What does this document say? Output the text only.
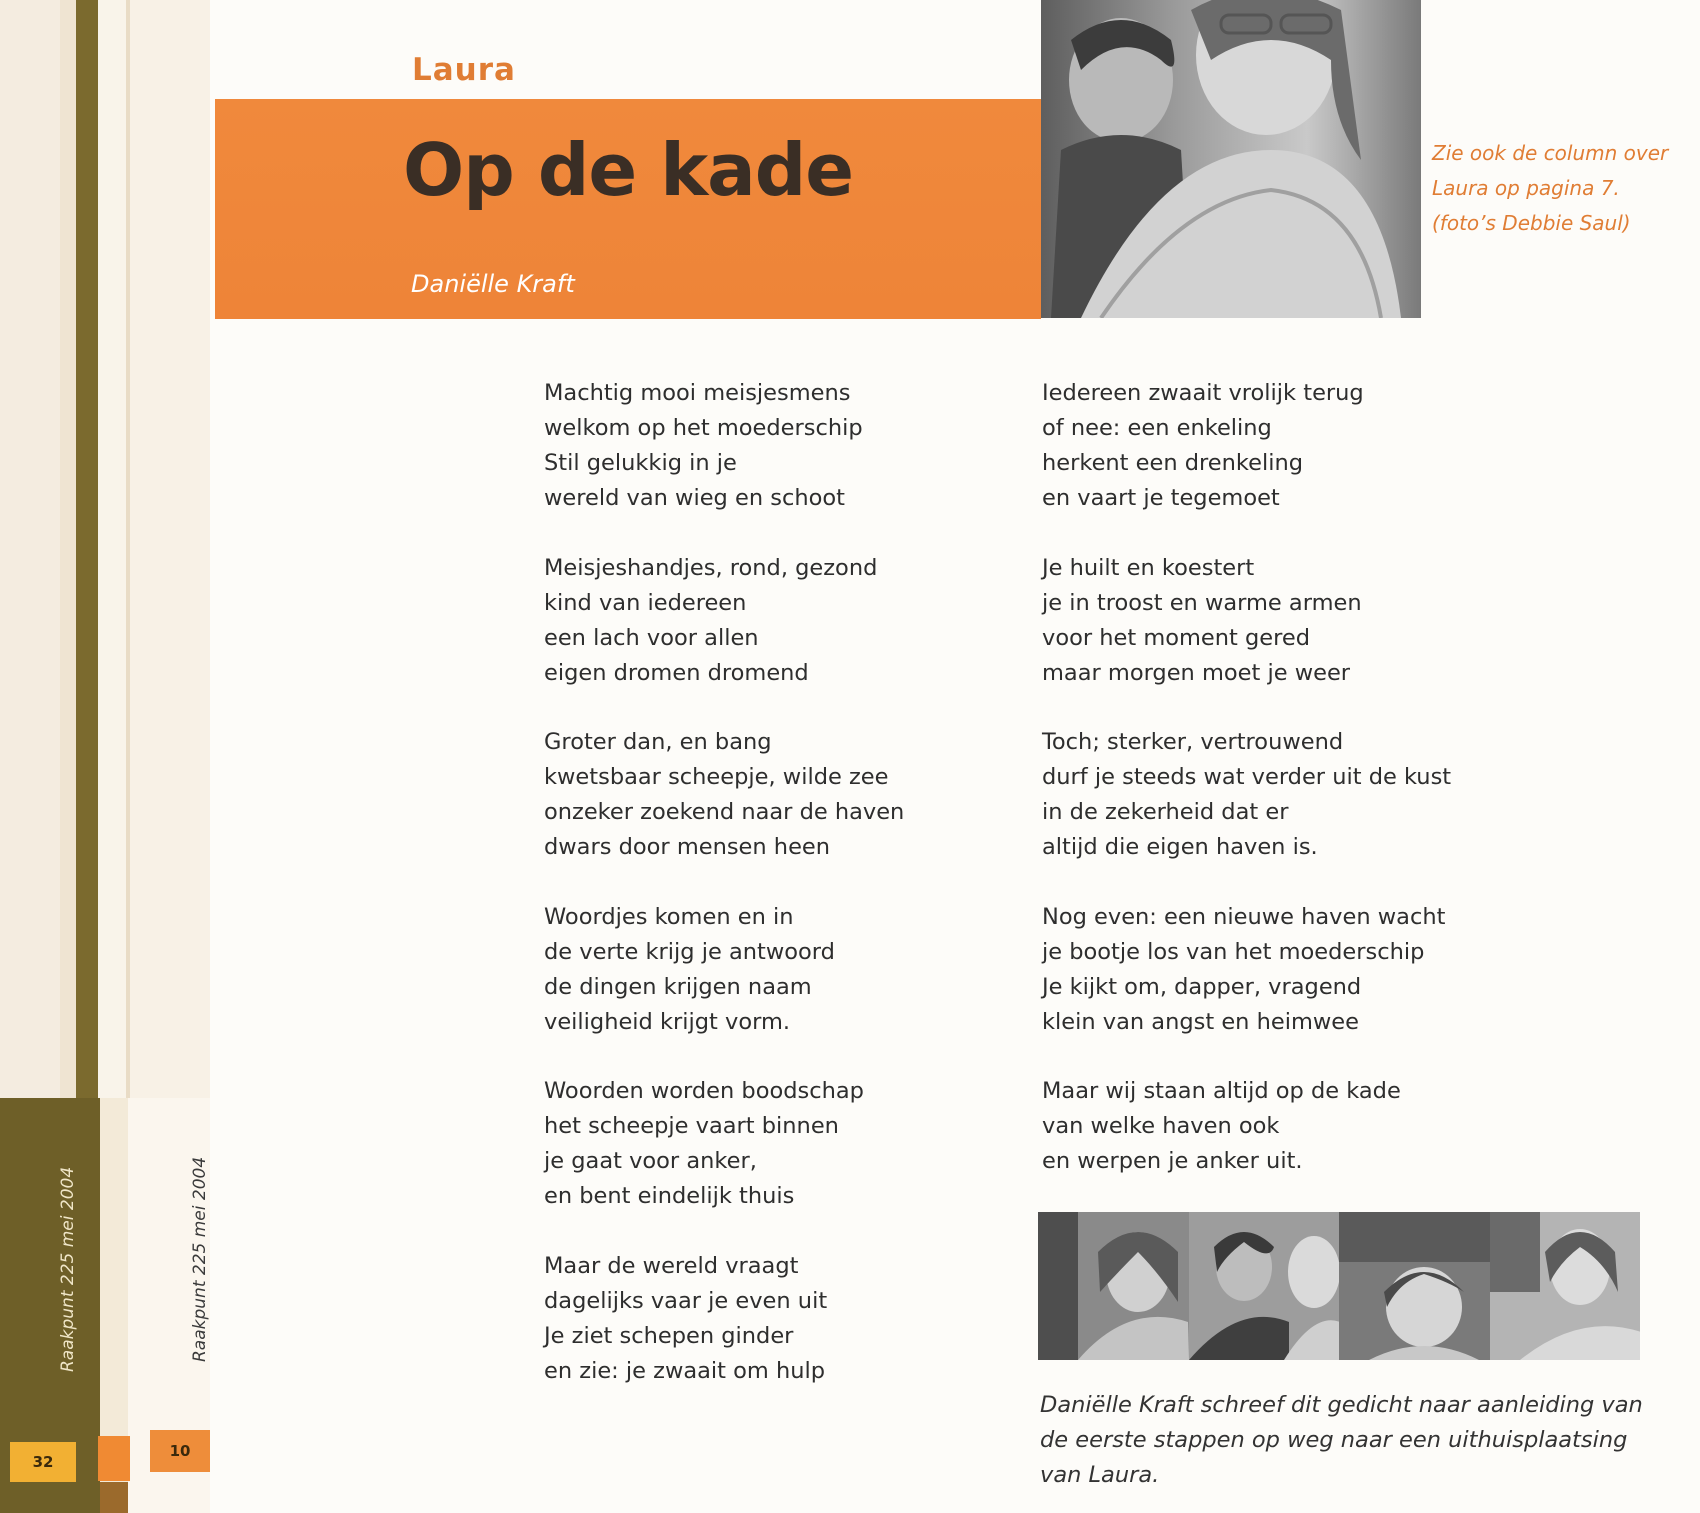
Raakpunt 225 mei 2004	Raakpunt 225 mei 2004
32
10
Laura
Op de kade
Daniëlle Kraft
Zie ook de column over
Laura op pagina 7.
(foto’s Debbie Saul)
Machtig mooi meisjesmens
welkom op het moederschip
Stil gelukkig in je
wereld van wieg en schoot
Meisjeshandjes, rond, gezond
kind van iedereen
een lach voor allen
eigen dromen dromend
Groter dan, en bang
kwetsbaar scheepje, wilde zee
onzeker zoekend naar de haven
dwars door mensen heen
Woordjes komen en in
de verte krijg je antwoord
de dingen krijgen naam
veiligheid krijgt vorm.
Woorden worden boodschap
het scheepje vaart binnen
je gaat voor anker,
en bent eindelijk thuis
Maar de wereld vraagt
dagelijks vaar je even uit
Je ziet schepen ginder
en zie: je zwaait om hulp
Iedereen zwaait vrolijk terug
of nee: een enkeling
herkent een drenkeling
en vaart je tegemoet
Je huilt en koestert
je in troost en warme armen
voor het moment gered
maar morgen moet je weer
Toch; sterker, vertrouwend
durf je steeds wat verder uit de kust
in de zekerheid dat er
altijd die eigen haven is.
Nog even: een nieuwe haven wacht
je bootje los van het moederschip
Je kijkt om, dapper, vragend
klein van angst en heimwee
Maar wij staan altijd op de kade
van welke haven ook
en werpen je anker uit.
Daniëlle Kraft schreef dit gedicht naar aanleiding van
de eerste stappen op weg naar een uithuisplaatsing
van Laura.
